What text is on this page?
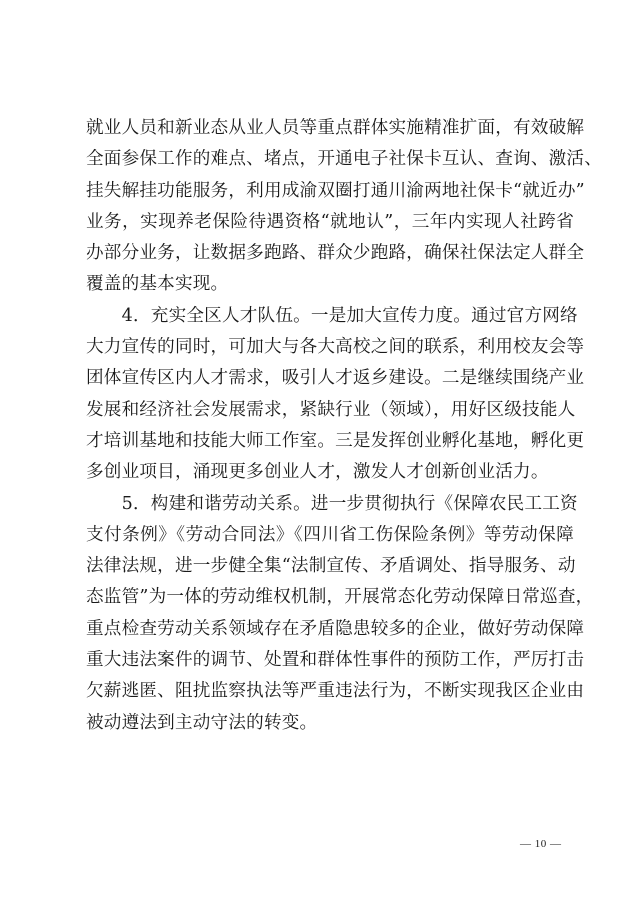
就业人员和新业态从业人员等重点群体实施精准扩面，有效破解
全面参保工作的难点、堵点，开通电子社保卡互认、查询、激活、
挂失解挂功能服务，利用成渝双圈打通川渝两地社保卡“就近办”
业务，实现养老保险待遇资格“就地认”，三年内实现人社跨省
办部分业务，让数据多跑路、群众少跑路，确保社保法定人群全
覆盖的基本实现。
　　4．充实全区人才队伍。一是加大宣传力度。通过官方网络
大力宣传的同时，可加大与各大高校之间的联系，利用校友会等
团体宣传区内人才需求，吸引人才返乡建设。二是继续围绕产业
发展和经济社会发展需求，紧缺行业（领域），用好区级技能人
才培训基地和技能大师工作室。三是发挥创业孵化基地，孵化更
多创业项目，涌现更多创业人才，激发人才创新创业活力。
　　5．构建和谐劳动关系。进一步贯彻执行《保障农民工工资
支付条例》《劳动合同法》《四川省工伤保险条例》等劳动保障
法律法规，进一步健全集“法制宣传、矛盾调处、指导服务、动
态监管”为一体的劳动维权机制，开展常态化劳动保障日常巡查，
重点检查劳动关系领域存在矛盾隐患较多的企业，做好劳动保障
重大违法案件的调节、处置和群体性事件的预防工作，严厉打击
欠薪逃匿、阻扰监察执法等严重违法行为，不断实现我区企业由
被动遵法到主动守法的转变。
— 10 —
